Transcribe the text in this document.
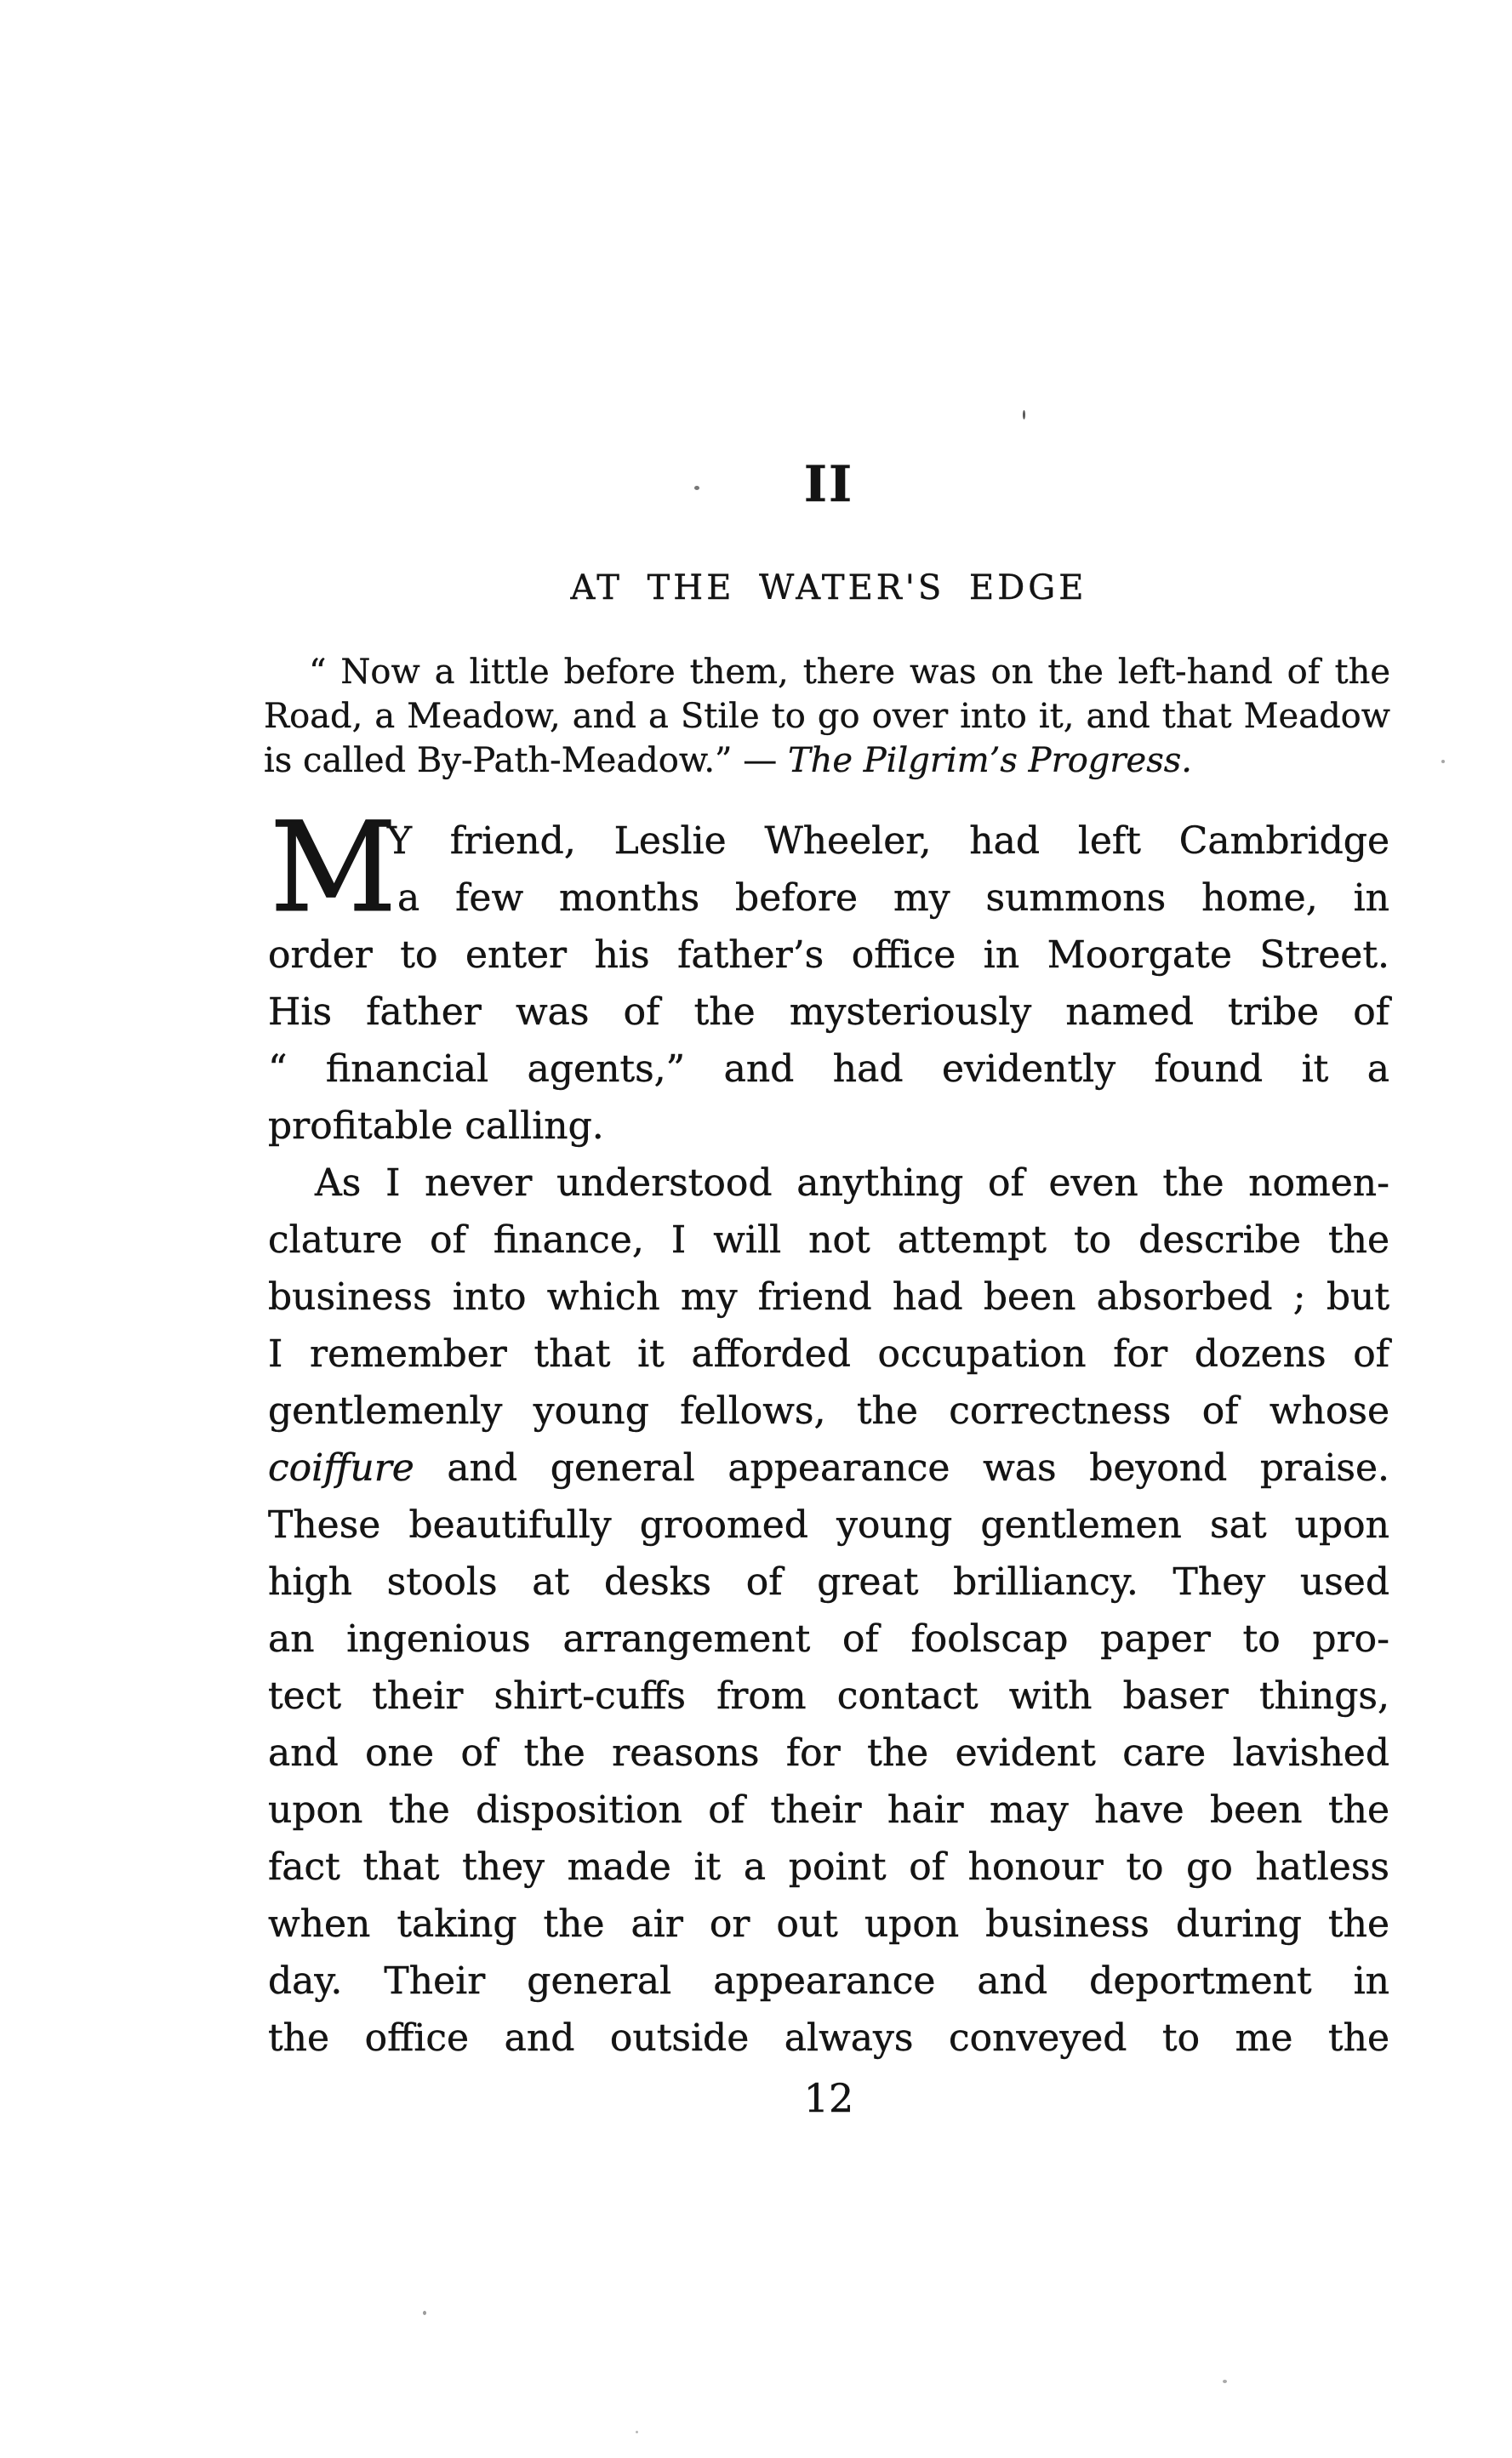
II
AT THE WATER'S EDGE
“ Now a little before them, there was on the left-hand of the
Road, a Meadow, and a Stile to go over into it, and that Meadow
is called By-Path-Meadow.” — The Pilgrim’s Progress.
M
Y friend, Leslie Wheeler, had left Cambridge
a few months before my summons home, in
order to enter his father’s office in Moorgate Street.
His father was of the mysteriously named tribe of
“ financial agents,” and had evidently found it a
profitable calling.
As I never understood anything of even the nomen-
clature of finance, I will not attempt to describe the
business into which my friend had been absorbed ; but
I remember that it afforded occupation for dozens of
gentlemenly young fellows, the correctness of whose
coiffure and general appearance was beyond praise.
These beautifully groomed young gentlemen sat upon
high stools at desks of great brilliancy. They used
an ingenious arrangement of foolscap paper to pro-
tect their shirt-cuffs from contact with baser things,
and one of the reasons for the evident care lavished
upon the disposition of their hair may have been the
fact that they made it a point of honour to go hatless
when taking the air or out upon business during the
day. Their general appearance and deportment in
the office and outside always conveyed to me the
12
